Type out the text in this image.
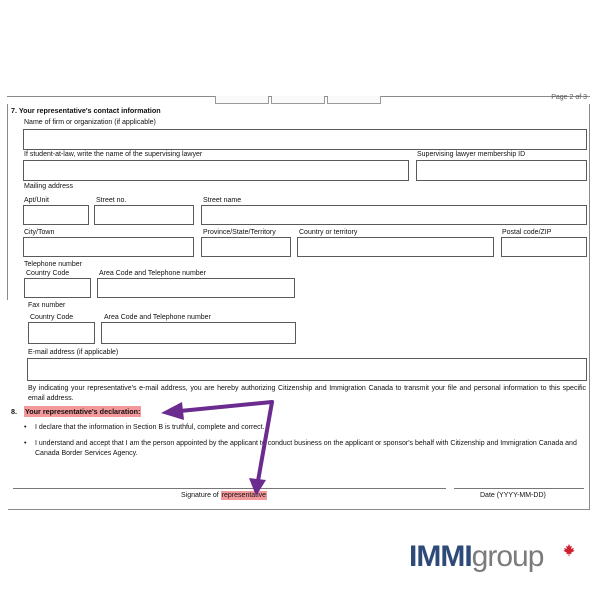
Page 2 of 3
7. Your representative's contact information
Name of firm or organization (if applicable)
If student-at-law, write the name of the supervising lawyer	Supervising lawyer membership ID
Mailing address
Apt/Unit	Street no.	Street name
City/Town	Province/State/Territory	Country or territory	Postal code/ZIP
Telephone number
Country Code	Area Code and Telephone number
Fax number
Country Code	Area Code and Telephone number
E-mail address (if applicable)
By indicating your representative's e-mail address, you are hereby authorizing Citizenship and Immigration Canada to transmit your file and personal information to this specific email address.
8. Your representative's declaration:
• I declare that the information in Section B is truthful, complete and correct.
• I understand and accept that I am the person appointed by the applicant to conduct business on the applicant or sponsor's behalf with Citizenship and Immigration Canada and Canada Border Services Agency.
Signature of representative	Date (YYYY-MM-DD)
IMMIgroup
